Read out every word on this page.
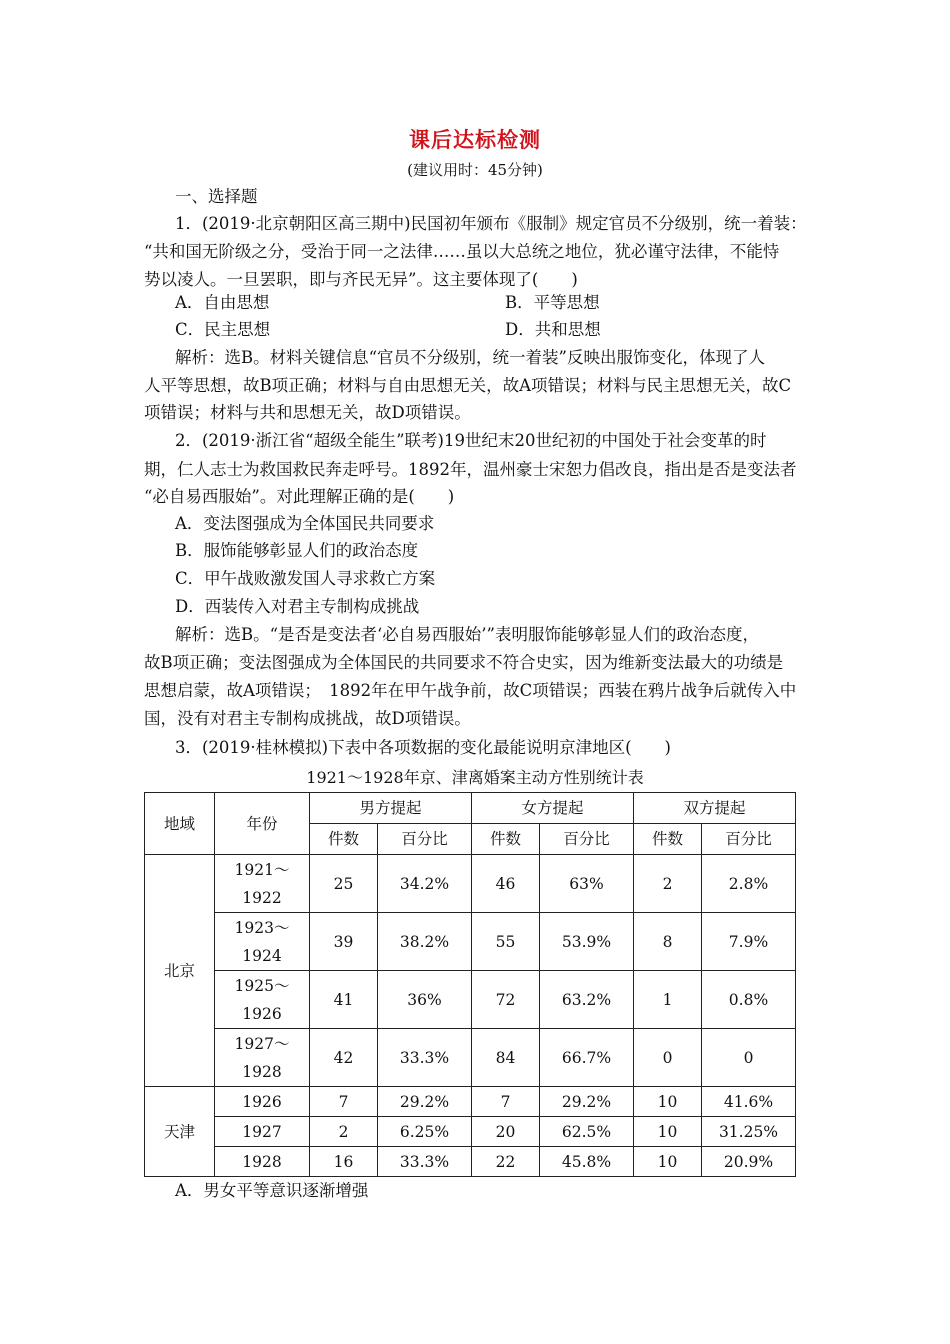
课后达标检测
(建议用时：45分钟)
一、选择题
1．(2019·北京朝阳区高三期中)民国初年颁布《服制》规定官员不分级别，统一着装：
“共和国无阶级之分，受治于同一之法律……虽以大总统之地位，犹必谨守法律，不能恃
势以凌人。一旦罢职，即与齐民无异”。这主要体现了(　　)
A．自由思想	B．平等思想
C．民主思想	D．共和思想
解析：选B。材料关键信息“官员不分级别，统一着装”反映出服饰变化，体现了人
人平等思想，故B项正确；材料与自由思想无关，故A项错误；材料与民主思想无关，故C
项错误；材料与共和思想无关，故D项错误。
2．(2019·浙江省“超级全能生”联考)19世纪末20世纪初的中国处于社会变革的时
期，仁人志士为救国救民奔走呼号。1892年，温州豪士宋恕力倡改良，指出是否是变法者
“必自易西服始”。对此理解正确的是(　　)
A．变法图强成为全体国民共同要求
B．服饰能够彰显人们的政治态度
C．甲午战败激发国人寻求救亡方案
D．西装传入对君主专制构成挑战
解析：选B。“是否是变法者‘必自易西服始’”表明服饰能够彰显人们的政治态度，
故B项正确；变法图强成为全体国民的共同要求不符合史实，因为维新变法最大的功绩是
思想启蒙，故A项错误；　1892年在甲午战争前，故C项错误；西装在鸦片战争后就传入中
国，没有对君主专制构成挑战，故D项错误。
3．(2019·桂林模拟)下表中各项数据的变化最能说明京津地区(　　)
1921～1928年京、津离婚案主动方性别统计表
地域	年份	男方提起		女方提起		双方提起	
		件数	百分比	件数	百分比	件数	百分比
北京	1921～
1922	25	34.2%	46	63%	2	2.8%
	1923～
1924	39	38.2%	55	53.9%	8	7.9%
	1925～
1926	41	36%	72	63.2%	1	0.8%
	1927～
1928	42	33.3%	84	66.7%	0	0
天津	1926	7	29.2%	7	29.2%	10	41.6%
	1927	2	6.25%	20	62.5%	10	31.25%
	1928	16	33.3%	22	45.8%	10	20.9%
A．男女平等意识逐渐增强
